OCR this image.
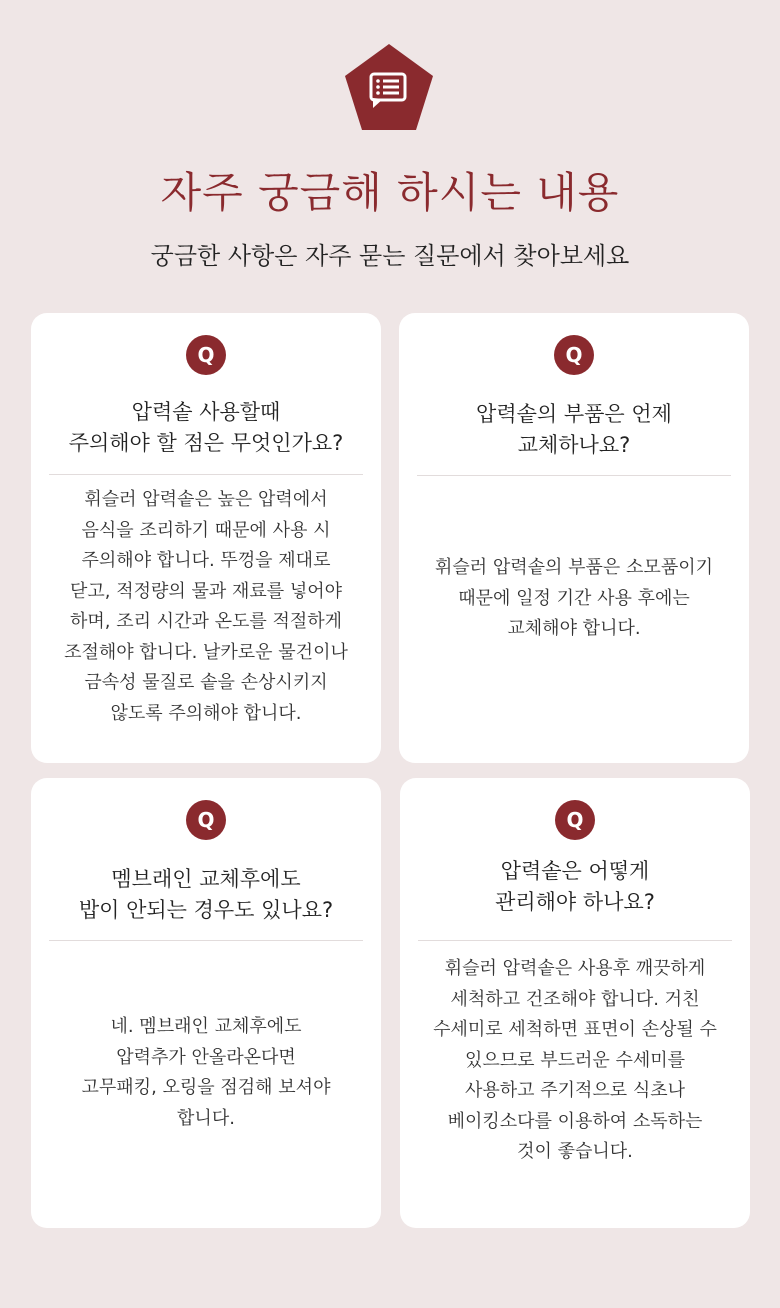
자주 궁금해 하시는 내용
궁금한 사항은 자주 묻는 질문에서 찾아보세요
Q
압력솥 사용할때
주의해야 할 점은 무엇인가요?
휘슬러 압력솥은 높은 압력에서
음식을 조리하기 때문에 사용 시
주의해야 합니다. 뚜껑을 제대로
닫고, 적정량의 물과 재료를 넣어야
하며, 조리 시간과 온도를 적절하게
조절해야 합니다. 날카로운 물건이나
금속성 물질로 솥을 손상시키지
않도록 주의해야 합니다.
Q
압력솥의 부품은 언제
교체하나요?
휘슬러 압력솥의 부품은 소모품이기
때문에 일정 기간 사용 후에는
교체해야 합니다.
Q
멤브래인 교체후에도
밥이 안되는 경우도 있나요?
네. 멤브래인 교체후에도
압력추가 안올라온다면
고무패킹, 오링을 점검해 보셔야
합니다.
Q
압력솥은 어떻게
관리해야 하나요?
휘슬러 압력솥은 사용후 깨끗하게
세척하고 건조해야 합니다. 거친
수세미로 세척하면 표면이 손상될 수
있으므로 부드러운 수세미를
사용하고 주기적으로 식초나
베이킹소다를 이용하여 소독하는
것이 좋습니다.
